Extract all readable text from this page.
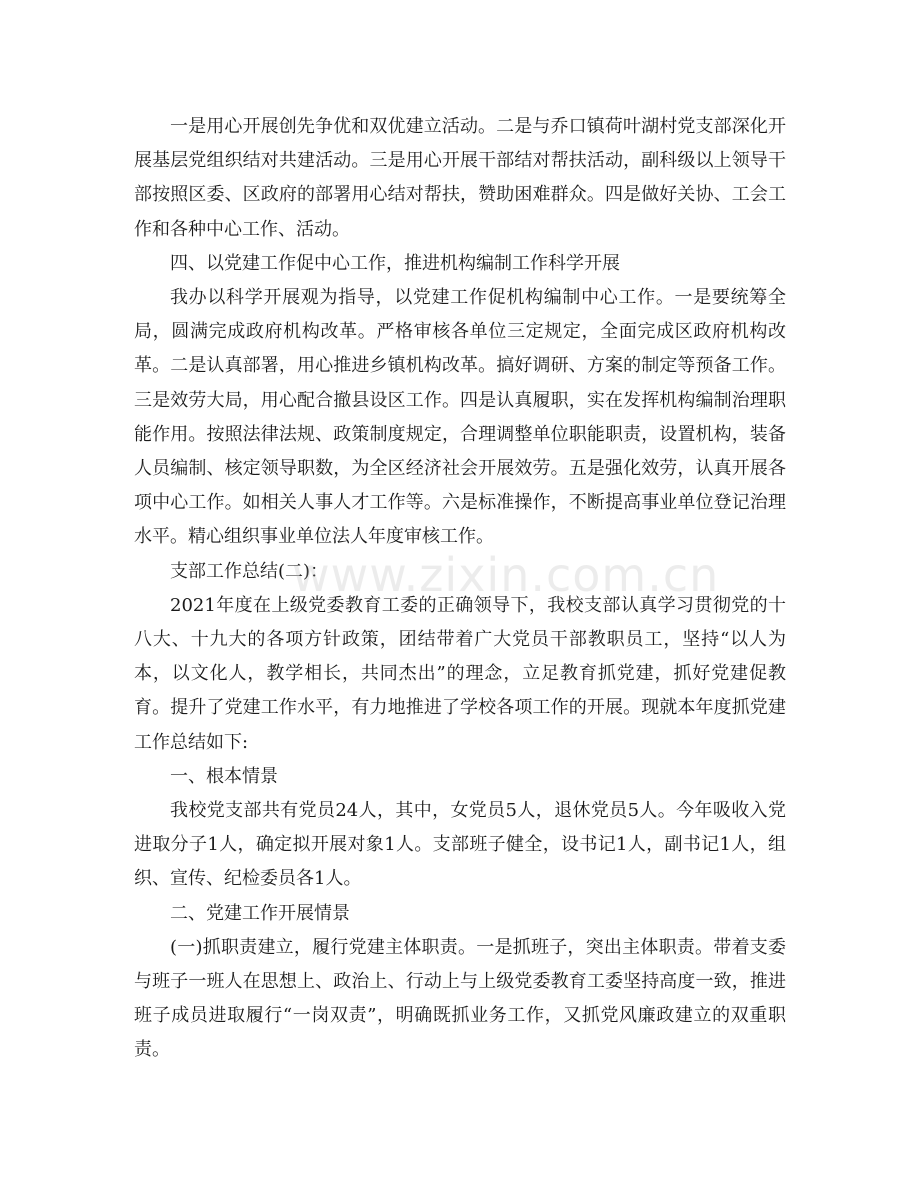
一是用心开展创先争优和双优建立活动。二是与乔口镇荷叶湖村党支部深化开展基层党组织结对共建活动。三是用心开展干部结对帮扶活动，副科级以上领导干部按照区委、区政府的部署用心结对帮扶，赞助困难群众。四是做好关协、工会工作和各种中心工作、活动。

四、以党建工作促中心工作，推进机构编制工作科学开展

我办以科学开展观为指导，以党建工作促机构编制中心工作。一是要统筹全局，圆满完成政府机构改革。严格审核各单位三定规定，全面完成区政府机构改革。二是认真部署，用心推进乡镇机构改革。搞好调研、方案的制定等预备工作。三是效劳大局，用心配合撤县设区工作。四是认真履职，实在发挥机构编制治理职能作用。按照法律法规、政策制度规定，合理调整单位职能职责，设置机构，装备人员编制、核定领导职数，为全区经济社会开展效劳。五是强化效劳，认真开展各项中心工作。如相关人事人才工作等。六是标准操作，不断提高事业单位登记治理水平。精心组织事业单位法人年度审核工作。

支部工作总结(二)：

2021年度在上级党委教育工委的正确领导下，我校支部认真学习贯彻党的十八大、十九大的各项方针政策，团结带着广大党员干部教职员工，坚持“以人为本，以文化人，教学相长，共同杰出”的理念，立足教育抓党建，抓好党建促教育。提升了党建工作水平，有力地推进了学校各项工作的开展。现就本年度抓党建工作总结如下:

一、根本情景

我校党支部共有党员24人，其中，女党员5人，退休党员5人。今年吸收入党进取分子1人，确定拟开展对象1人。支部班子健全，设书记1人，副书记1人，组织、宣传、纪检委员各1人。

二、党建工作开展情景

(一)抓职责建立，履行党建主体职责。一是抓班子，突出主体职责。带着支委与班子一班人在思想上、政治上、行动上与上级党委教育工委坚持高度一致，推进班子成员进取履行“一岗双责”，明确既抓业务工作，又抓党风廉政建立的双重职责。

www.zixin.com.cn
